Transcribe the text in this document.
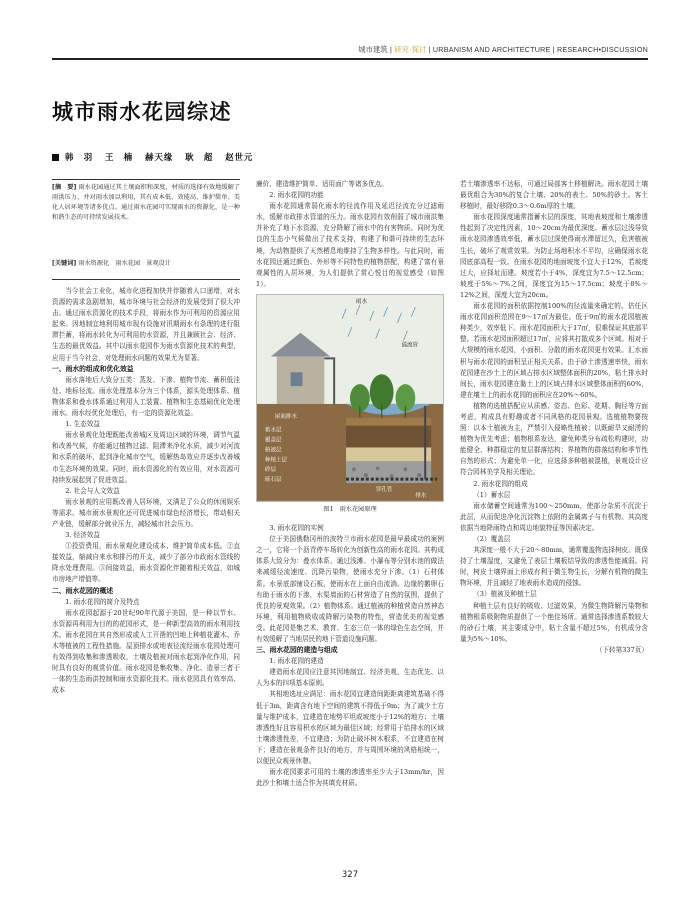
城市建筑 | 研究·探讨 | URBANISM AND ARCHITECTURE | RESEARCH•DISCUSSION
城市雨水花园综述
韩　羽 王　楠 赫天缘 耿　超 赵世元

[摘　要] 雨水花园通过其土壤面积和深度，材质的选择有效地缓解了雨洪压力，并对雨水加以利用，其有成本低、效能高、维护简单、美化人居环境等诸多优点。通过雨水花园可实现雨水的资源化，是一种和谐生态的可持续发展技术。

[关键词] 雨水资源化　雨水花园　景观设计

当今社会工业化，城市化进程加快并伴随着人口递增，对水资源的需求急剧增加，城市环境与社会经济的发展受到了很大冲击。通过雨水资源化的技术手段，将雨水作为可利用的资源应用起来。因地制宜地利用城市现有设施对汛期雨水有条理的进行阻滞拦蓄，将雨水转化为可利用的水资源，并且兼顾社会、经济、生态的最优效益。其中以雨水花园作为雨水资源化技术的典型，应用于当今社会，对处理雨水问题的效果尤为显著。

一、雨水的组成和优化效益

雨水落地后大致分五类：蒸发、下渗、植物节流、蓄积低洼处、地标径流。雨水处理基本分为三个体系，源头处理体系、植物体系和叠水体系通过利用人工装置、植物和生态基础优化处理雨水。雨水经优化处理后，有一定的资源化效益。

1. 生态效益

雨水景观化处理既能改善城区及周边区域的环境，调节气温和改善气候，亦能通过植物过滤、阻滞来净化水质，减少对河流和水系的破坏，起到净化城市空气，缓解热岛效应并逐步改善城市生态环境的效果。同时，雨水资源化的有效应用，对水资源可持续发展起到了促进效益。

2. 社会与人文效益

雨水景观的应用既改善人居环境，又满足了公众的休闲娱乐等需求。城市雨水景观化还可促进城市绿色经济增长，带动相关产业链，缓解部分就业压力，减轻城市社会压力。

3. 经济效益

①投资费用，雨水景观化建设成本、维护简单成本低。②直接效益，缩减自来水和排污的开支，减少了部分市政雨水管线的降水处理费用。③间接效益，雨水资源化伴随着相关效益，如城市房地产增值等。

二、雨水花园的概述

1. 雨水花园的简介及特点

雨水花园起源于20世纪90年代源于美国，是一种以节水、水资源再利用为目的的花园形式，是一种新型高效的雨水利用技术。雨水花园在其自然形成或人工开凿的凹地上种植花灌木、乔木等植被的工程性措施。屋顶排水或地表径流经雨水花园处理可有效得到收集和渗透吸收，土壤及植被对雨水起到净化作用，同时具有良好的观赏价值。雨水花园是集收集、净化、造景三者于一体的生态雨洪控制和雨水资源化技术。雨水花园具有效率高、成本

廉价、建造维护简单、适用面广等诸多优点。

2. 雨水花园的功能

雨水花园通常弱化雨水的径流作用及延迟径流充分过滤雨水，缓解市政排水管道的压力。雨水花园有效削弱了城市雨洪集并补充了地下水资源，充分降解了雨水中的有害物质。同时为优良的生态小气候做出了技术支持，构建了和谐可持续的生态环境，为动物提供了天然栖息地维持了生物多样性。与此同时，雨水花园还通过颜色、外形等不同特性的植物搭配，构建了富有景观属性的人居环境，为人们提供了赏心悦目的视觉感受（如图1）。

雨水
屋面排水
蓄水层
覆盖层
植被层
种植土层
砂层
砾石层
溢流管
穿孔管
排水

图1　雨水花园原理

3. 雨水花园的实例

位于美国俄勒冈州的波特兰市雨水花园是最早最成功的案例之一，它将一个沥青停车场转化为创新性高的雨水花园。其构成体系大致分为：叠水体系、通过浅滩、小瀑布等分别水池的做法来减缓径流速度、沉降污染物，使雨水充分下渗。（1）石材体系。水景底部铺设石板，使雨水在上面自由流淌。边缘的鹅卵石有助于雨水的下渗，水渠墙面的石材营造了自然的氛围，提供了优良的景观效果。（2）植物体系。通过植被的种植营造自然神态环境，利用植物吸收或降解污染物的特性，营造优美的视觉感受。此花园是集艺术、教育、生态三位一体的绿色生态空间，并有效缓解了当地居民的地下管道设施问题。

三、雨水花园的建造与组成

1. 雨水花园的建造

建造雨水花园应注意其因地制宜、经济美观、生态优先、以人为本的四项基本原则。

其相地选址应满足：雨水花园宜建造间距距离建筑基础不得低于3m，距离含有地下空间的建筑不得低于9m；为了减少土方量与维护成本，宜建造在地势平坦或坡度小于12%的地方；土壤渗透性好且容易积水的区域为最佳区域；经常用于给排水的区域土壤渗透性差，不宜建造；为防止破坏树木根系，不宜建造在树下；建造在景观条件良好的地方，并与周围环境的风格相统一，以便民众观景休憩。

雨水花园要求可用的土壤的渗透率至少大于13mm/hr，因此沙土和壤土适合作为其填充材质。

若土壤渗透率不达标，可通过局部客土移植解决。雨水花园土壤最优组合为30%的复合土壤、20%的表土、50%的砂土。客土移植时，最好移除0.3～0.6m厚的土壤。

雨水花园深度通常指蓄水层的深度，其地表坡度和土壤渗透性起到了决定性因素，10～20cm为最优深度。蓄水层过浅导致雨水花园渗透效率低，蓄水层过深使得雨水滞留过久，危害植被生长，破坏了观赏效果。为防止场地积水不平均，应确保雨水花园底部高程一致。在雨水花园的地面坡度不宜大于12%，若坡度过大，应择址而建。坡度若小于4%，深度宜为7.5～12.5cm；坡度于5%～7%之间，深度宜为15～17.5cm；坡度于8%～12%之间，深度大宜为20cm。

雨水花园的面积依据控制100%的径流量来确定的。估任区雨水花园面积范围在9～17㎡为最佳。低于9㎡的雨水花园植被种类少，效率低下。雨水花园面积大于17㎡，很难保证其底部平整。若雨水花园面积超过17㎡，应将其打散成多个区域。相对于大规模的雨水花园，小面积、分散的雨水花园更有效果。汇水面积与雨水花园的面积呈正相关关系。由于砂土渗透速率快，雨水花园建在沙土上的区域占排水区域整体面积的20%，粘土排水时间长，雨水花园建在黏土上的区域占排水区域整体面积的60%，建在壤土上的雨水花园的面积应在20%～60%。

植物的选植搭配应从质感、姿态、色彩、花期、胸径等方面考虑，构成具有野趣或者不同风格的花园景观。选植植物要按照：以本土植被为主，严禁引入侵略性植被；以既耐旱又耐涝的植物为优先考虑；植物根系发达，避免种类分布疏松构建时，功能健全、种群稳定的复层群落结构；界植物的群落结构和季节性自然的形式；为避免单一化，应选择多种植被混植，景观设计应符合园林美学及相关理论。

2. 雨水花园的组成

（1）蓄水层

雨水储蓄空间通常为100～250mm，使部分杂质不沉淀于此层，从而促进净化沉淀物上依附的金属离子与有机物。其高度依据当地降雨特点和周边地貌特征等因素决定。

（2）覆盖层

其深度一般不大于20～80mm，通常覆盖物选择树皮。既保持了土壤湿度，又避免了表层土壤板结导致的渗透性能减弱。同时，树皮土壤界面上形成有利于微生物生长，分解有机物的微生物环境，并且减轻了地表雨水造成的侵蚀。

（3）植被及种植土层

种植土层有良好的吸收、过滤效果，为微生物降解污染物和植物根系吸附物质提供了一个绝佳场所。通常选择渗透系数较大的砂石土壤，其主要成分中，粘土含量不超过5%，有机成分含量为5%～10%、

（下转第337页）

327
